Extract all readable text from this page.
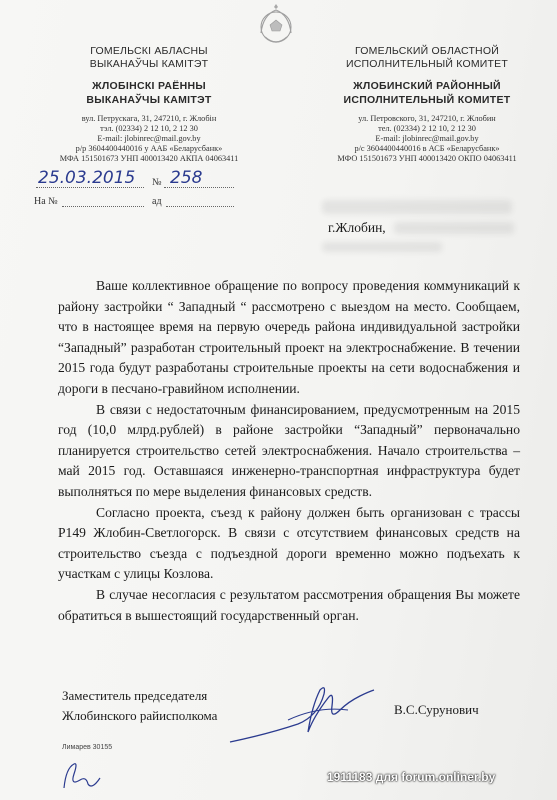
ГОМЕЛЬСКІ АБЛАСНЫ
ВЫКАНАЎЧЫ КАМІТЭТ
ЖЛОБІНСКІ РАЁННЫ
ВЫКАНАЎЧЫ КАМІТЭТ
вул. Петрускага, 31, 247210, г. Жлобін
тэл. (02334) 2 12 10, 2 12 30
E-mail: jlobinrec@mail.gov.by
р/р 3604400440016 у ААБ «Беларусбанк»
МФА 151501673 УНП 400013420 АКПА 04063411
ГОМЕЛЬСКИЙ ОБЛАСТНОЙ
ИСПОЛНИТЕЛЬНЫЙ КОМИТЕТ
ЖЛОБИНСКИЙ РАЙОННЫЙ
ИСПОЛНИТЕЛЬНЫЙ КОМИТЕТ
ул. Петровского, 31, 247210, г. Жлобин
тел. (02334) 2 12 10, 2 12 30
E-mail: jlobinrec@mail.gov.by
р/с 3604400440016 в АСБ «Беларусбанк»
МФО 151501673 УНП 400013420 ОКПО 04063411
25.03.2015 № 258
На №	ад
г.Жлобин,

Ваше коллективное обращение по вопросу проведения коммуникаций к району застройки “ Западный “ рассмотрено с выездом на место. Сообщаем, что в настоящее время на первую очередь района индивидуальной застройки “Западный” разработан строительный проект на электроснабжение. В течении 2015 года будут разработаны строительные проекты на сети водоснабжения и дороги в песчано-гравийном исполнении.

В связи с недостаточным финансированием, предусмотренным на 2015 год (10,0 млрд.рублей) в районе застройки “Западный” первоначально планируется строительство сетей электроснабжения. Начало строительства – май 2015 год. Оставшаяся инженерно-транспортная инфраструктура будет выполняться по мере выделения финансовых средств.

Согласно проекта, съезд к району должен быть организован с трассы Р149 Жлобин-Светлогорск. В связи с отсутствием финансовых средств на строительство съезда с подъездной дороги временно можно подъехать к участкам с улицы Козлова.

В случае несогласия с результатом рассмотрения обращения Вы можете обратиться в вышестоящий государственный орган.

Заместитель председателя
Жлобинского райисполкома	В.С.Сурунович
Лимарев 30155
1911183 для forum.onliner.by
